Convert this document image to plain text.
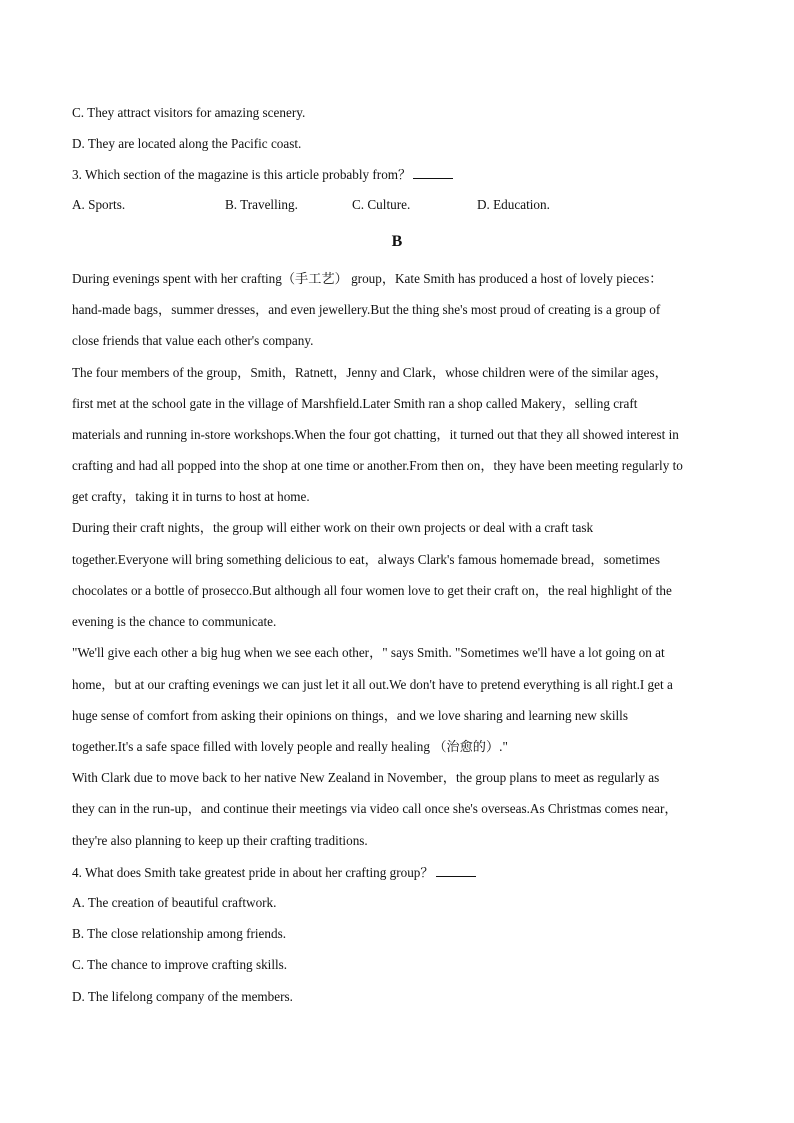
C. They attract visitors for amazing scenery.
D. They are located along the Pacific coast.
3. Which section of the magazine is this article probably from？
A. Sports.	B. Travelling.	C. Culture.	D. Education.
B
During evenings spent with her crafting（手工艺） group，Kate Smith has produced a host of lovely pieces：
hand-made bags，summer dresses，and even jewellery.But the thing she's most proud of creating is a group of
close friends that value each other's company.
The four members of the group，Smith，Ratnett，Jenny and Clark，whose children were of the similar ages，
first met at the school gate in the village of Marshfield.Later Smith ran a shop called Makery，selling craft
materials and running in-store workshops.When the four got chatting，it turned out that they all showed interest in
crafting and had all popped into the shop at one time or another.From then on，they have been meeting regularly to
get crafty，taking it in turns to host at home.
During their craft nights，the group will either work on their own projects or deal with a craft task
together.Everyone will bring something delicious to eat，always Clark's famous homemade bread，sometimes
chocolates or a bottle of prosecco.But although all four women love to get their craft on，the real highlight of the
evening is the chance to communicate.
"We'll give each other a big hug when we see each other，" says Smith. "Sometimes we'll have a lot going on at
home，but at our crafting evenings we can just let it all out.We don't have to pretend everything is all right.I get a
huge sense of comfort from asking their opinions on things，and we love sharing and learning new skills
together.It's a safe space filled with lovely people and really healing （治愈的）."
With Clark due to move back to her native New Zealand in November，the group plans to meet as regularly as
they can in the run-up，and continue their meetings via video call once she's overseas.As Christmas comes near，
they're also planning to keep up their crafting traditions.
4. What does Smith take greatest pride in about her crafting group？
A. The creation of beautiful craftwork.
B. The close relationship among friends.
C. The chance to improve crafting skills.
D. The lifelong company of the members.
